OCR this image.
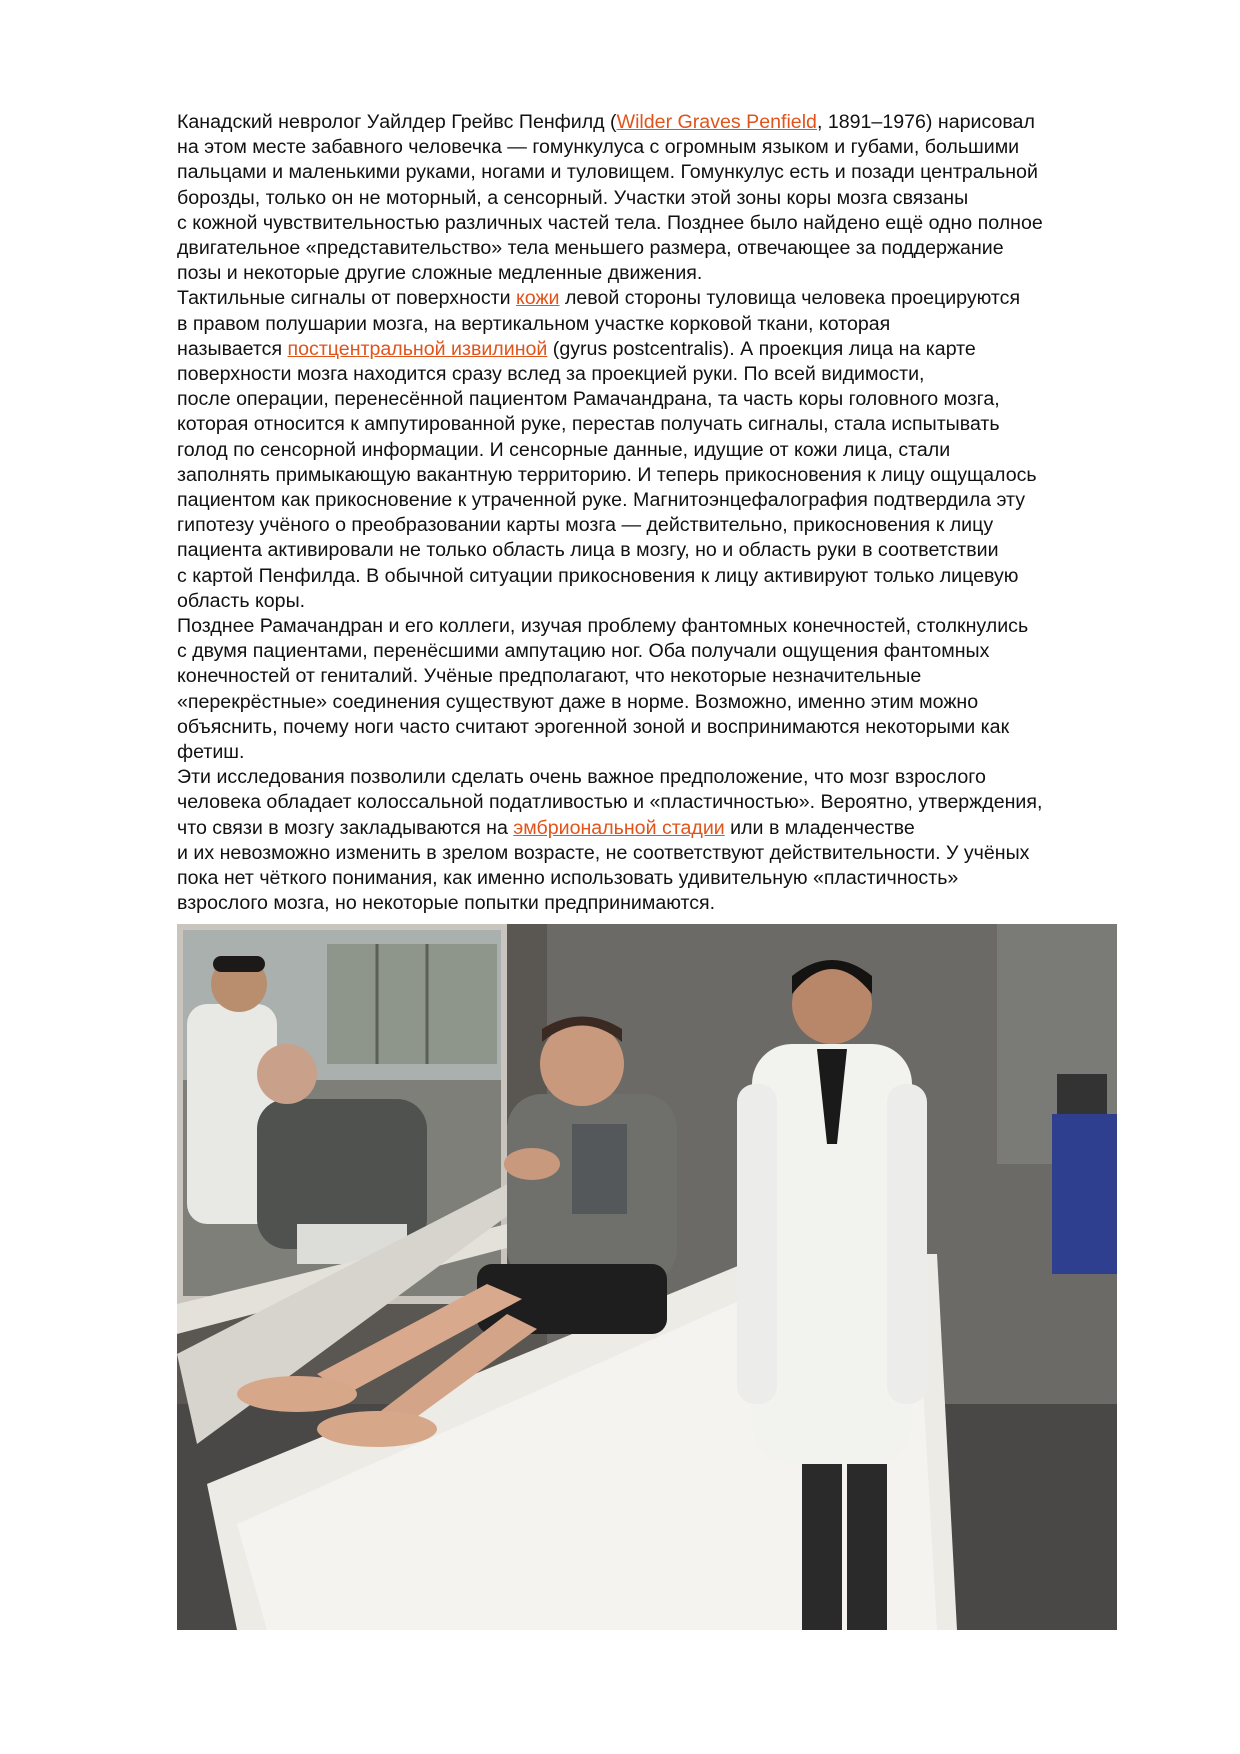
Канадский невролог Уайлдер Грейвс Пенфилд (Wilder Graves Penfield, 1891–1976) нарисовал
на этом месте забавного человечка — гомункулуса с огромным языком и губами, большими
пальцами и маленькими руками, ногами и туловищем. Гомункулус есть и позади центральной
борозды, только он не моторный, а сенсорный. Участки этой зоны коры мозга связаны
с кожной чувствительностью различных частей тела. Позднее было найдено ещё одно полное
двигательное «представительство» тела меньшего размера, отвечающее за поддержание
позы и некоторые другие сложные медленные движения.
Тактильные сигналы от поверхности кожи левой стороны туловища человека проецируются
в правом полушарии мозга, на вертикальном участке корковой ткани, которая
называется постцентральной извилиной (gyrus postcentralis). А проекция лица на карте
поверхности мозга находится сразу вслед за проекцией руки. По всей видимости,
после операции, перенесённой пациентом Рамачандрана, та часть коры головного мозга,
которая относится к ампутированной руке, перестав получать сигналы, стала испытывать
голод по сенсорной информации. И сенсорные данные, идущие от кожи лица, стали
заполнять примыкающую вакантную территорию. И теперь прикосновения к лицу ощущалось
пациентом как прикосновение к утраченной руке. Магнитоэнцефалография подтвердила эту
гипотезу учёного о преобразовании карты мозга — действительно, прикосновения к лицу
пациента активировали не только область лица в мозгу, но и область руки в соответствии
с картой Пенфилда. В обычной ситуации прикосновения к лицу активируют только лицевую
область коры.
Позднее Рамачандран и его коллеги, изучая проблему фантомных конечностей, столкнулись
с двумя пациентами, перенёсшими ампутацию ног. Оба получали ощущения фантомных
конечностей от гениталий. Учёные предполагают, что некоторые незначительные
«перекрёстные» соединения существуют даже в норме. Возможно, именно этим можно
объяснить, почему ноги часто считают эрогенной зоной и воспринимаются некоторыми как
фетиш.
Эти исследования позволили сделать очень важное предположение, что мозг взрослого
человека обладает колоссальной податливостью и «пластичностью». Вероятно, утверждения,
что связи в мозгу закладываются на эмбриональной стадии или в младенчестве
и их невозможно изменить в зрелом возрасте, не соответствуют действительности. У учёных
пока нет чёткого понимания, как именно использовать удивительную «пластичность»
взрослого мозга, но некоторые попытки предпринимаются.
